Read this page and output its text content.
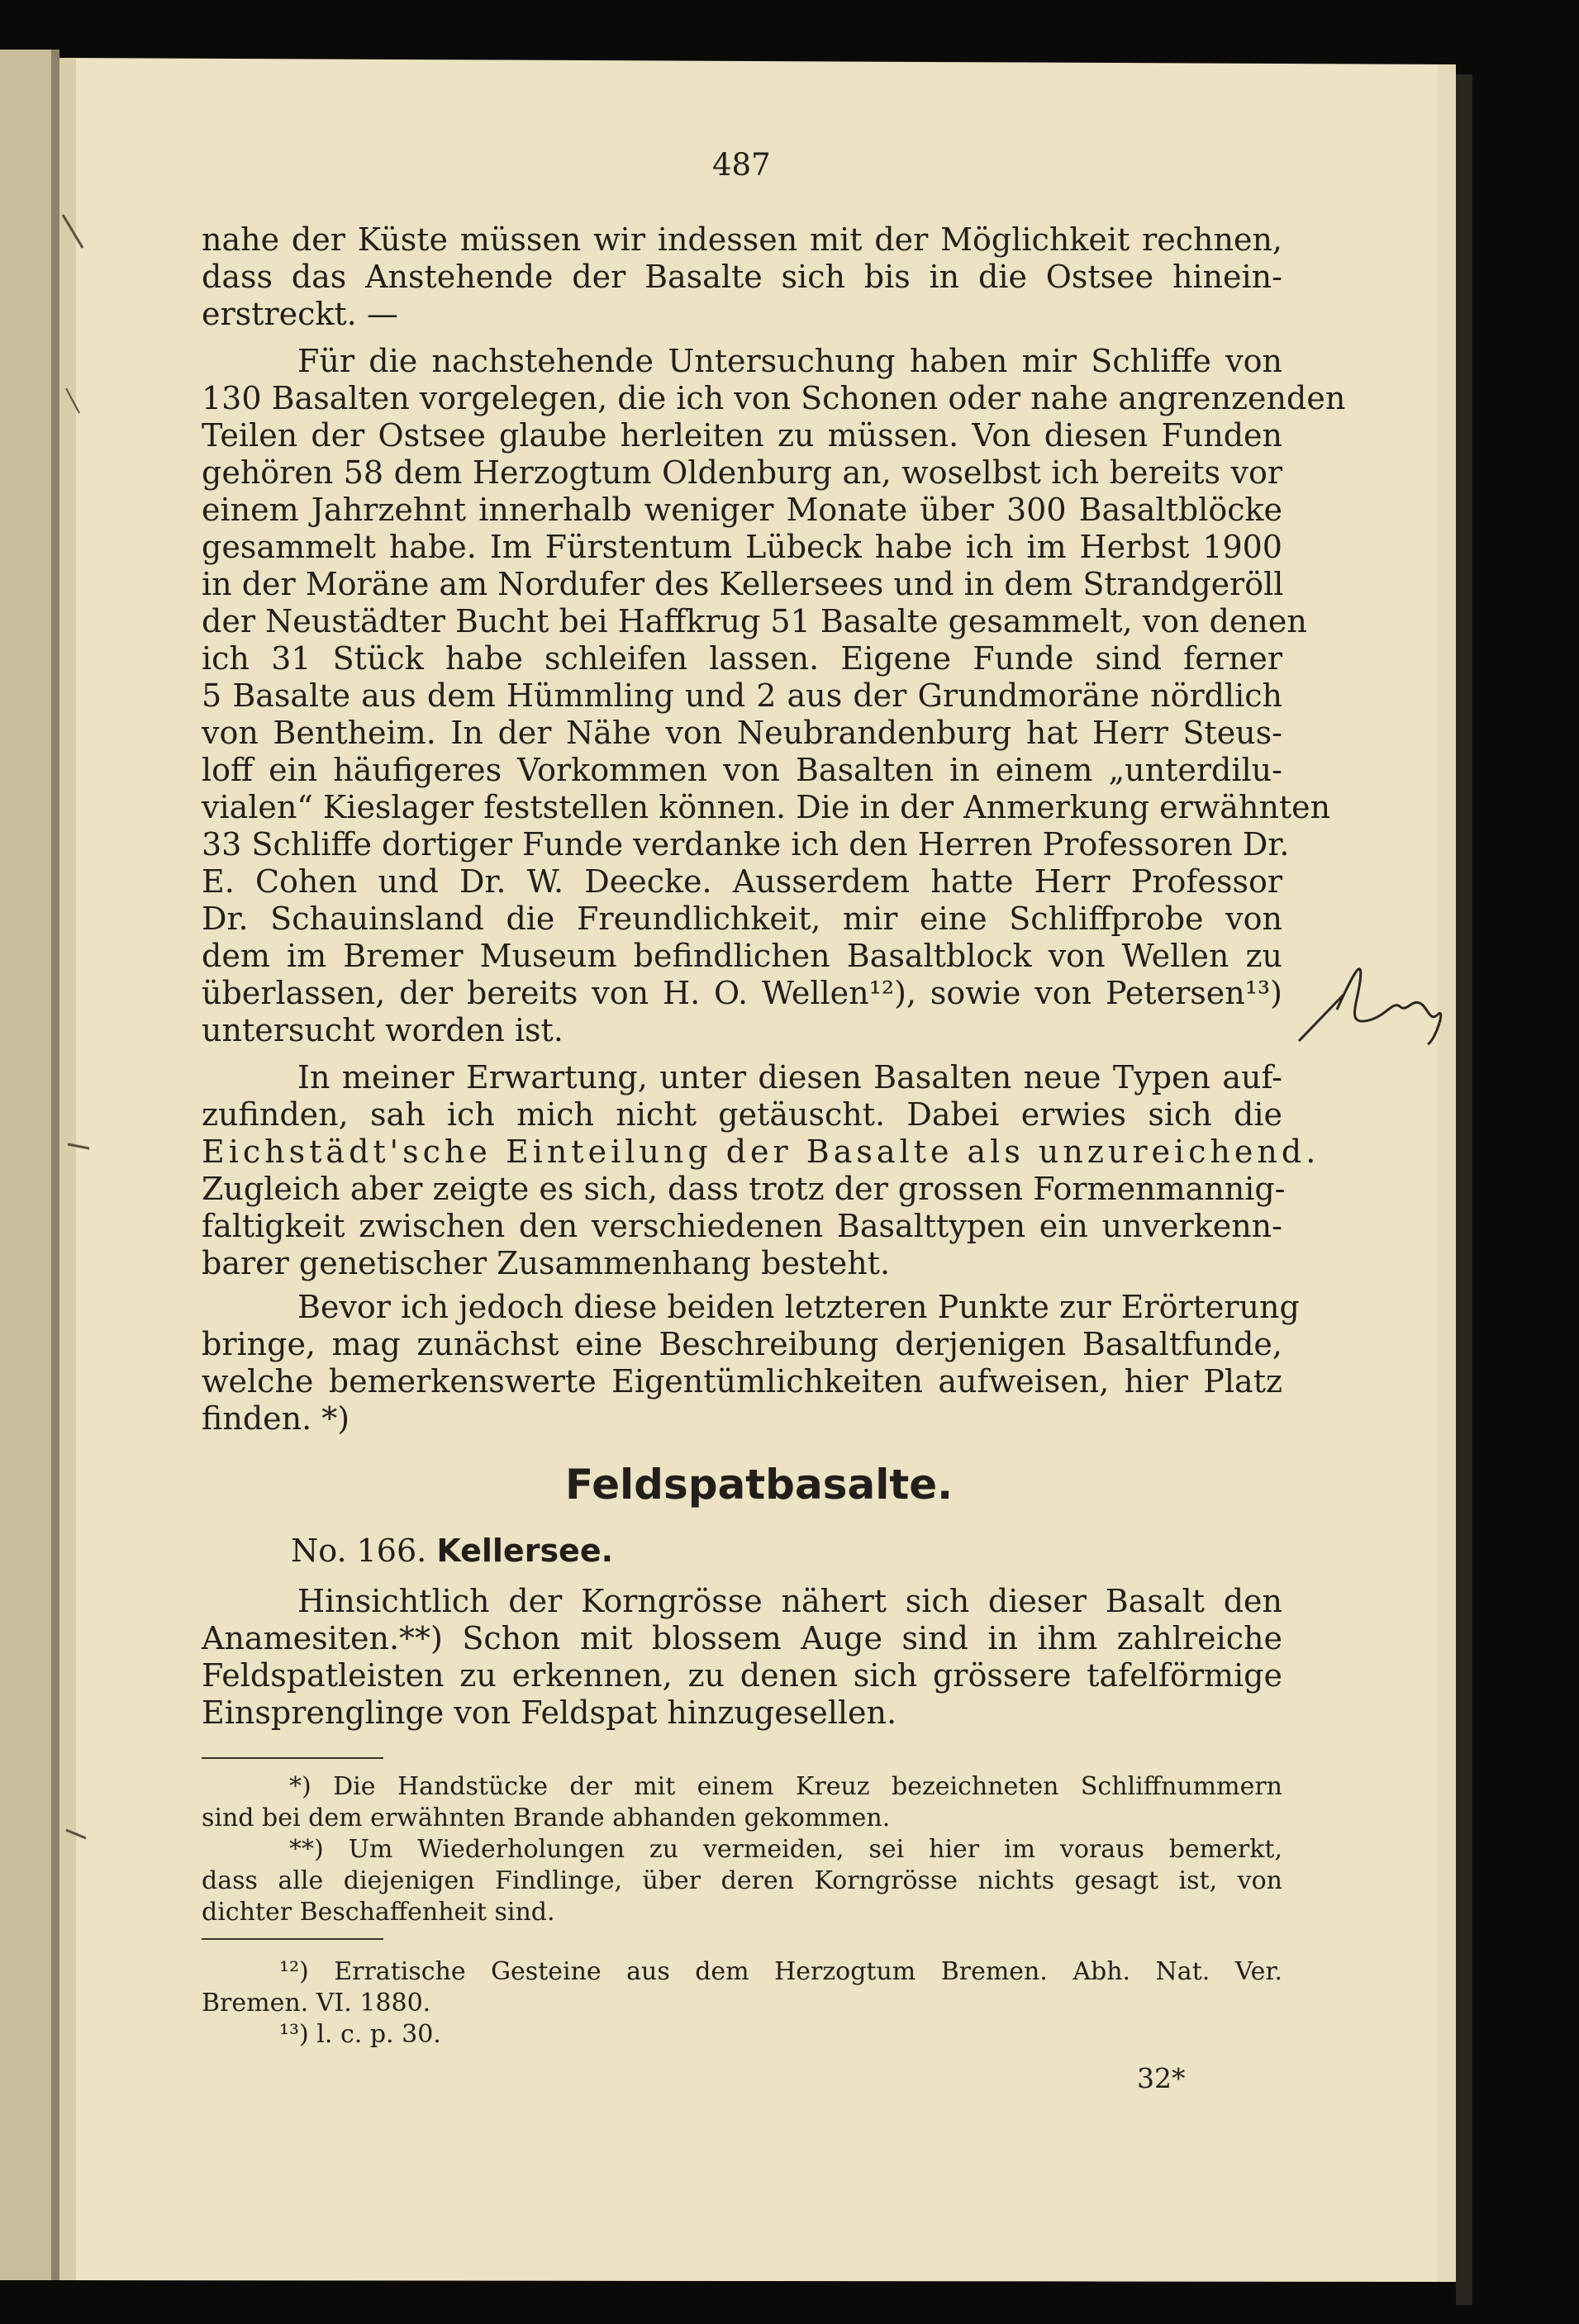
487

nahe der Küste müssen wir indessen mit der Möglichkeit rechnen,

dass das Anstehende der Basalte sich bis in die Ostsee hinein-

erstreckt. —

Für die nachstehende Untersuchung haben mir Schliffe von

130 Basalten vorgelegen, die ich von Schonen oder nahe angrenzenden

Teilen der Ostsee glaube herleiten zu müssen. Von diesen Funden

gehören 58 dem Herzogtum Oldenburg an, woselbst ich bereits vor

einem Jahrzehnt innerhalb weniger Monate über 300 Basaltblöcke

gesammelt habe. Im Fürstentum Lübeck habe ich im Herbst 1900

in der Moräne am Nordufer des Kellersees und in dem Strandgeröll

der Neustädter Bucht bei Haffkrug 51 Basalte gesammelt, von denen

ich 31 Stück habe schleifen lassen. Eigene Funde sind ferner

5 Basalte aus dem Hümmling und 2 aus der Grundmoräne nördlich

von Bentheim. In der Nähe von Neubrandenburg hat Herr Steus-

loff ein häufigeres Vorkommen von Basalten in einem „unterdilu-

vialen“ Kieslager feststellen können. Die in der Anmerkung erwähnten

33 Schliffe dortiger Funde verdanke ich den Herren Professoren Dr.

E. Cohen und Dr. W. Deecke. Ausserdem hatte Herr Professor

Dr. Schauinsland die Freundlichkeit, mir eine Schliffprobe von

dem im Bremer Museum befindlichen Basaltblock von Wellen zu

überlassen, der bereits von H. O. Wellen¹²), sowie von Petersen¹³)

untersucht worden ist.

In meiner Erwartung, unter diesen Basalten neue Typen auf-

zufinden, sah ich mich nicht getäuscht. Dabei erwies sich die

Eichstädt'sche Einteilung der Basalte als unzureichend.

Zugleich aber zeigte es sich, dass trotz der grossen Formenmannig-

faltigkeit zwischen den verschiedenen Basalttypen ein unverkenn-

barer genetischer Zusammenhang besteht.

Bevor ich jedoch diese beiden letzteren Punkte zur Erörterung

bringe, mag zunächst eine Beschreibung derjenigen Basaltfunde,

welche bemerkenswerte Eigentümlichkeiten aufweisen, hier Platz

finden. *)

Feldspatbasalte.
No. 166. Kellersee.

Hinsichtlich der Korngrösse nähert sich dieser Basalt den

Anamesiten.**) Schon mit blossem Auge sind in ihm zahlreiche

Feldspatleisten zu erkennen, zu denen sich grössere tafelförmige

Einsprenglinge von Feldspat hinzugesellen.

*) Die Handstücke der mit einem Kreuz bezeichneten Schliffnummern

sind bei dem erwähnten Brande abhanden gekommen.

**) Um Wiederholungen zu vermeiden, sei hier im voraus bemerkt,

dass alle diejenigen Findlinge, über deren Korngrösse nichts gesagt ist, von

dichter Beschaffenheit sind.

¹²) Erratische Gesteine aus dem Herzogtum Bremen. Abh. Nat. Ver.

Bremen. VI. 1880.

¹³) l. c. p. 30.

32*
